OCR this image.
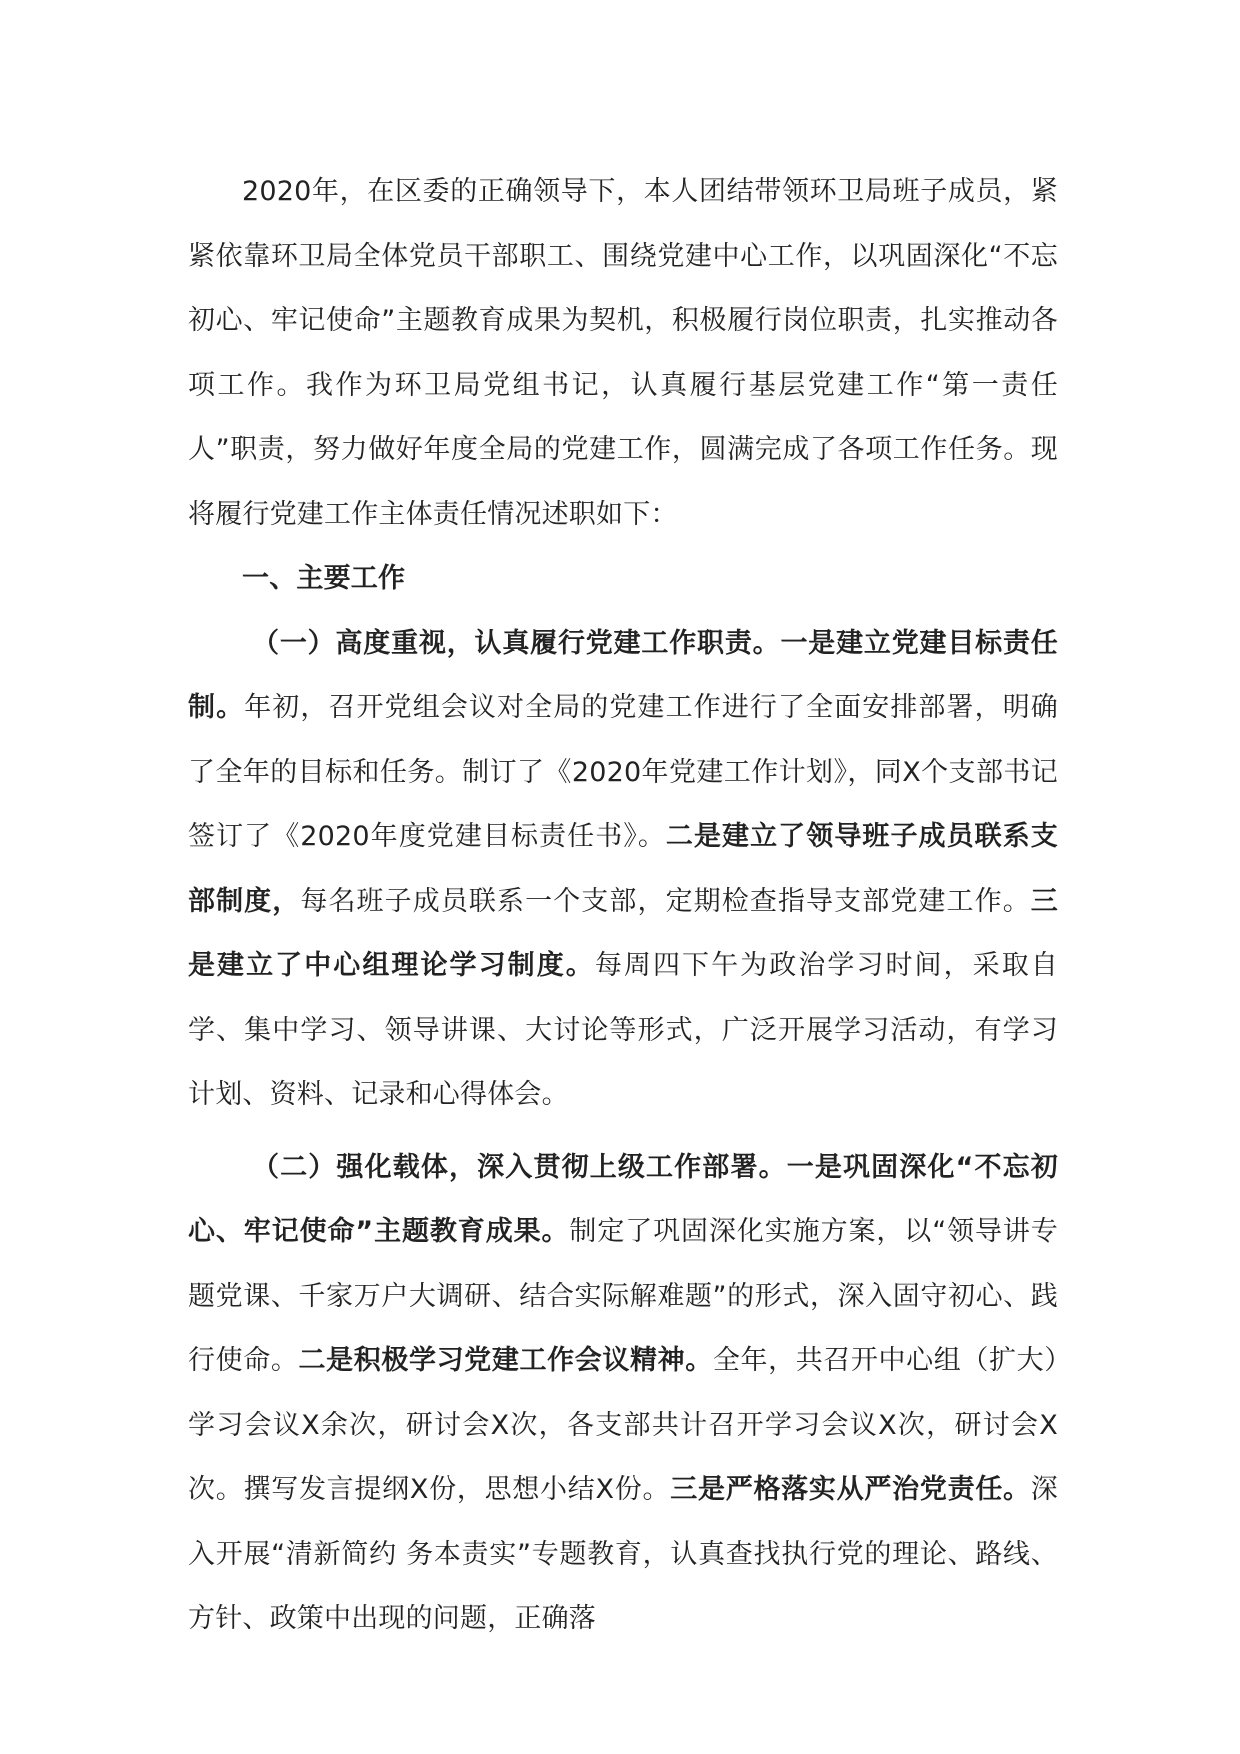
2020年，在区委的正确领导下，本人团结带领环卫局班子成员，紧紧依靠环卫局全体党员干部职工、围绕党建中心工作，以巩固深化“不忘初心、牢记使命”主题教育成果为契机，积极履行岗位职责，扎实推动各项工作。我作为环卫局党组书记，认真履行基层党建工作“第一责任人”职责，努力做好年度全局的党建工作，圆满完成了各项工作任务。现将履行党建工作主体责任情况述职如下：

一、主要工作

（一）高度重视，认真履行党建工作职责。一是建立党建目标责任制。年初，召开党组会议对全局的党建工作进行了全面安排部署，明确了全年的目标和任务。制订了《2020年党建工作计划》，同X个支部书记签订了《2020年度党建目标责任书》。二是建立了领导班子成员联系支部制度，每名班子成员联系一个支部，定期检查指导支部党建工作。三是建立了中心组理论学习制度。每周四下午为政治学习时间，采取自学、集中学习、领导讲课、大讨论等形式，广泛开展学习活动，有学习计划、资料、记录和心得体会。

（二）强化载体，深入贯彻上级工作部署。一是巩固深化“不忘初心、牢记使命”主题教育成果。制定了巩固深化实施方案，以“领导讲专题党课、千家万户大调研、结合实际解难题”的形式，深入固守初心、践行使命。二是积极学习党建工作会议精神。全年，共召开中心组（扩大）学习会议X余次，研讨会X次，各支部共计召开学习会议X次，研讨会X次。撰写发言提纲X份，思想小结X份。三是严格落实从严治党责任。深入开展“清新简约 务本责实”专题教育，认真查找执行党的理论、路线、方针、政策中出现的问题，正确落
